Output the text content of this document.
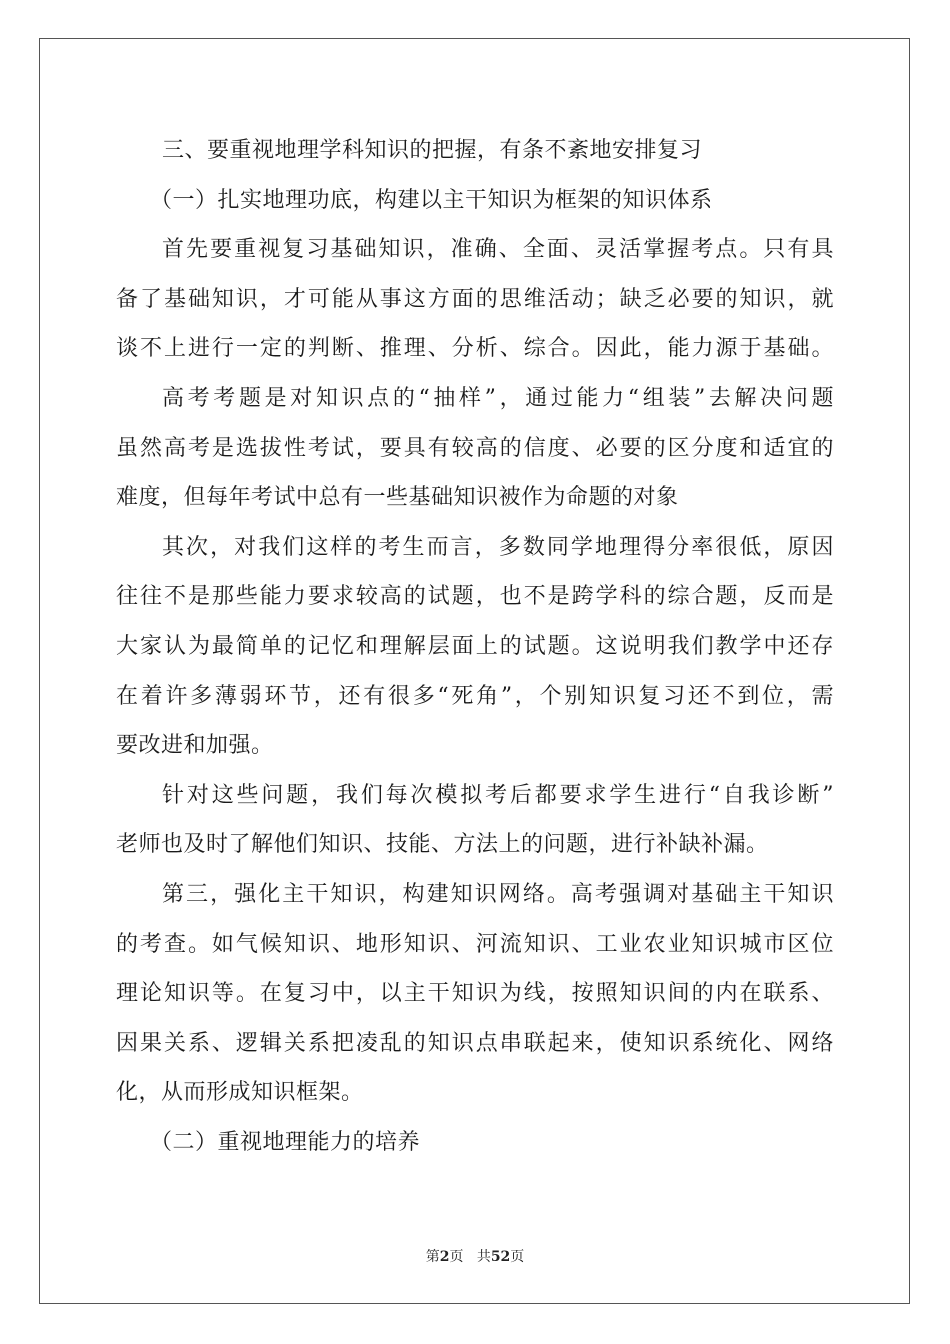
三、要重视地理学科知识的把握，有条不紊地安排复习
（一）扎实地理功底，构建以主干知识为框架的知识体系
首先要重视复习基础知识，准确、全面、灵活掌握考点。只有具
备了基础知识，才可能从事这方面的思维活动；缺乏必要的知识，就
谈不上进行一定的判断、推理、分析、综合。因此，能力源于基础。
高考考题是对知识点的“抽样”，通过能力“组装”去解决问题
虽然高考是选拔性考试，要具有较高的信度、必要的区分度和适宜的
难度，但每年考试中总有一些基础知识被作为命题的对象
其次，对我们这样的考生而言，多数同学地理得分率很低，原因
往往不是那些能力要求较高的试题，也不是跨学科的综合题，反而是
大家认为最简单的记忆和理解层面上的试题。这说明我们教学中还存
在着许多薄弱环节，还有很多“死角”，个别知识复习还不到位，需
要改进和加强。
针对这些问题，我们每次模拟考后都要求学生进行“自我诊断”
老师也及时了解他们知识、技能、方法上的问题，进行补缺补漏。
第三，强化主干知识，构建知识网络。高考强调对基础主干知识
的考查。如气候知识、地形知识、河流知识、工业农业知识城市区位
理论知识等。在复习中，以主干知识为线，按照知识间的内在联系、
因果关系、逻辑关系把凌乱的知识点串联起来，使知识系统化、网络
化，从而形成知识框架。
（二）重视地理能力的培养
第2页 共52页
